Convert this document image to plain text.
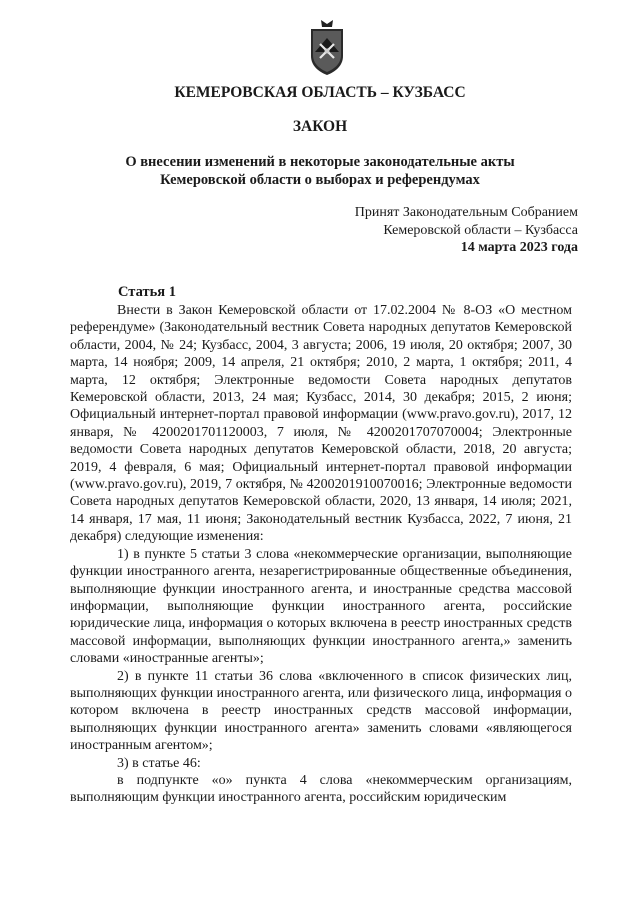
КЕМЕРОВСКАЯ ОБЛАСТЬ – КУЗБАСС
ЗАКОН
О внесении изменений в некоторые законодательные акты
Кемеровской области о выборах и референдумах
Принят Законодательным Собранием
Кемеровской области – Кузбасса
14 марта 2023 года
Статья 1

Внести в Закон Кемеровской области от 17.02.2004 № 8-ОЗ «О местном референдуме» (Законодательный вестник Совета народных депутатов Кемеровской области, 2004, № 24; Кузбасс, 2004, 3 августа; 2006, 19 июля, 20 октября; 2007, 30 марта, 14 ноября; 2009, 14 апреля, 21 октября; 2010, 2 марта, 1 октября; 2011, 4 марта, 12 октября; Электронные ведомости Совета народных депутатов Кемеровской области, 2013, 24 мая; Кузбасс, 2014, 30 декабря; 2015, 2 июня; Официальный интернет-портал правовой информации (www.pravo.gov.ru), 2017, 12 января, № 4200201701120003, 7 июля, № 4200201707070004; Электронные ведомости Совета народных депутатов Кемеровской области, 2018, 20 августа; 2019, 4 февраля, 6 мая; Официальный интернет-портал правовой информации (www.pravo.gov.ru), 2019, 7 октября, № 4200201910070016; Электронные ведомости Совета народных депутатов Кемеровской области, 2020, 13 января, 14 июля; 2021, 14 января, 17 мая, 11 июня; Законодательный вестник Кузбасса, 2022, 7 июня, 21 декабря) следующие изменения:

1) в пункте 5 статьи 3 слова «некоммерческие организации, выполняющие функции иностранного агента, незарегистрированные общественные объединения, выполняющие функции иностранного агента, и иностранные средства массовой информации, выполняющие функции иностранного агента, российские юридические лица, информация о которых включена в реестр иностранных средств массовой информации, выполняющих функции иностранного агента,» заменить словами «иностранные агенты»;

2) в пункте 11 статьи 36 слова «включенного в список физических лиц, выполняющих функции иностранного агента, или физического лица, информация о котором включена в реестр иностранных средств массовой информации, выполняющих функции иностранного агента» заменить словами «являющегося иностранным агентом»;

3) в статье 46:

в подпункте «о» пункта 4 слова «некоммерческим организациям, выполняющим функции иностранного агента, российским юридическим
